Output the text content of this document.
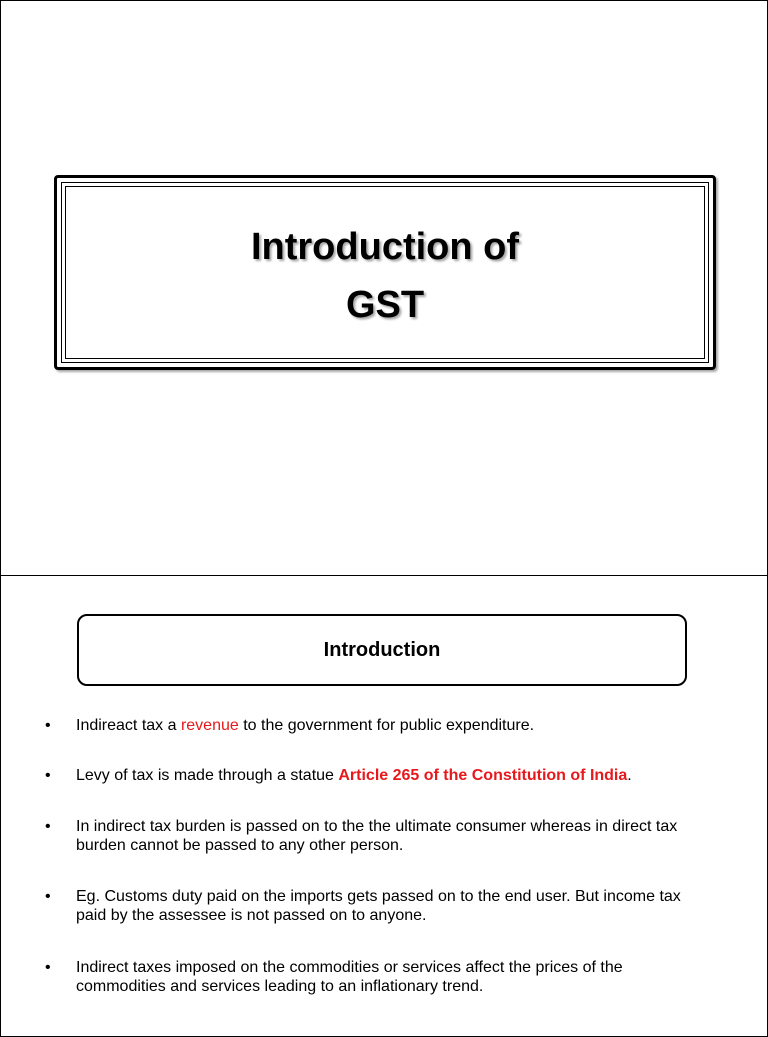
Introduction of
GST
Introduction
• Indireact tax a revenue to the government for public expenditure.
• Levy of tax is made through a statue Article 265 of the Constitution of India.
• In indirect tax burden is passed on to the the ultimate consumer whereas in direct tax burden cannot be passed to any other person.
• Eg. Customs duty paid on the imports gets passed on to the end user. But income tax paid by the assessee is not passed on to anyone.
• Indirect taxes imposed on the commodities or services affect the prices of the commodities and services leading to an inflationary trend.
